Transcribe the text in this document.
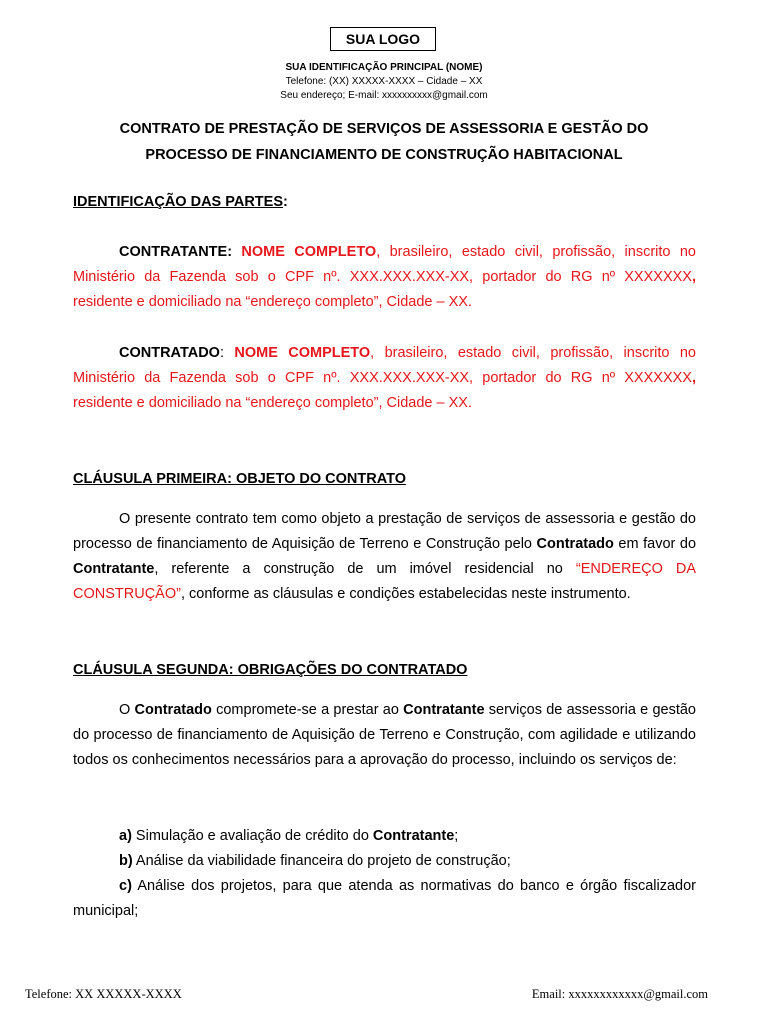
SUA LOGO
SUA IDENTIFICAÇÃO PRINCIPAL (NOME)
Telefone: (XX) XXXXX-XXXX – Cidade – XX
Seu endereço; E-mail: xxxxxxxxxx@gmail.com
CONTRATO DE PRESTAÇÃO DE SERVIÇOS DE ASSESSORIA E GESTÃO DO
PROCESSO DE FINANCIAMENTO DE CONSTRUÇÃO HABITACIONAL
IDENTIFICAÇÃO DAS PARTES:

CONTRATANTE: NOME COMPLETO, brasileiro, estado civil, profissão, inscrito no Ministério da Fazenda sob o CPF nº. XXX.XXX.XXX-XX, portador do RG nº XXXXXXX, residente e domiciliado na “endereço completo”, Cidade – XX.

CONTRATADO: NOME COMPLETO, brasileiro, estado civil, profissão, inscrito no Ministério da Fazenda sob o CPF nº. XXX.XXX.XXX-XX, portador do RG nº XXXXXXX, residente e domiciliado na “endereço completo”, Cidade – XX.

CLÁUSULA PRIMEIRA: OBJETO DO CONTRATO

O presente contrato tem como objeto a prestação de serviços de assessoria e gestão do processo de financiamento de Aquisição de Terreno e Construção pelo Contratado em favor do Contratante, referente a construção de um imóvel residencial no “ENDEREÇO DA CONSTRUÇÃO”, conforme as cláusulas e condições estabelecidas neste instrumento.

CLÁUSULA SEGUNDA: OBRIGAÇÕES DO CONTRATADO

O Contratado compromete-se a prestar ao Contratante serviços de assessoria e gestão do processo de financiamento de Aquisição de Terreno e Construção, com agilidade e utilizando todos os conhecimentos necessários para a aprovação do processo, incluindo os serviços de:

a) Simulação e avaliação de crédito do Contratante;

b) Análise da viabilidade financeira do projeto de construção;

c) Análise dos projetos, para que atenda as normativas do banco e órgão fiscalizador municipal;

Telefone: XX XXXXX-XXXX	Email: xxxxxxxxxxxx@gmail.com
